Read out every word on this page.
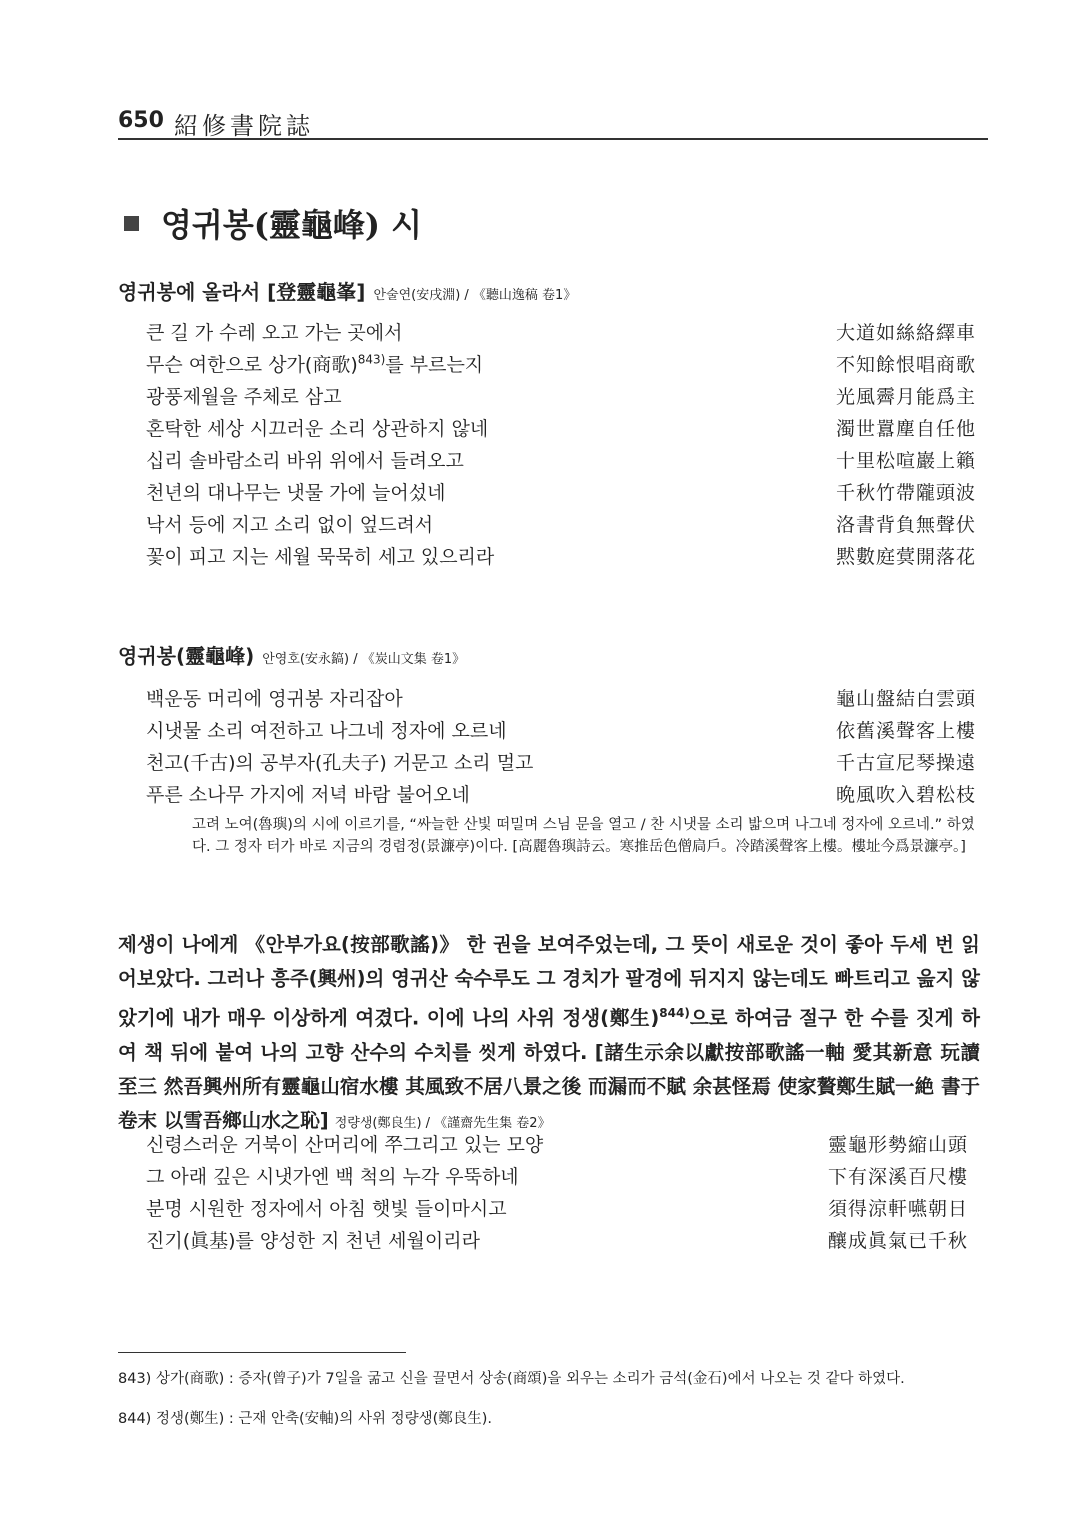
650 紹修書院誌
영귀봉(靈龜峰) 시
영귀봉에 올라서 [登靈龜峯] 안술연(安戌淵) / 《聽山逸稿 卷1》
큰 길 가 수레 오고 가는 곳에서	大道如絲絡繹車
무슨 여한으로 상가(商歌)$^{843)}$를 부르는지	不知餘恨唱商歌
광풍제월을 주체로 삼고	光風霽月能爲主
혼탁한 세상 시끄러운 소리 상관하지 않네	濁世囂塵自任他
십리 솔바람소리 바위 위에서 들려오고	十里松喧巖上籟
천년의 대나무는 냇물 가에 늘어섰네	千秋竹帶隴頭波
낙서 등에 지고 소리 없이 엎드려서	洛書背負無聲伏
꽃이 피고 지는 세월 묵묵히 세고 있으리라	黙數庭蓂開落花
영귀봉(靈龜峰) 안영호(安永鎬) / 《炭山文集 卷1》
백운동 머리에 영귀봉 자리잡아	龜山盤結白雲頭
시냇물 소리 여전하고 나그네 정자에 오르네	依舊溪聲客上樓
천고(千古)의 공부자(孔夫子) 거문고 소리 멀고	千古宣尼琴操遠
푸른 소나무 가지에 저녁 바람 불어오네	晩風吹入碧松枝
고려 노여(魯璵)의 시에 이르기를, “싸늘한 산빛 떠밀며 스님 문을 열고 / 찬 시냇물 소리 밟으며 나그네 정자에 오르네.” 하였다. 그 정자 터가 바로 지금의 경렴정(景濂亭)이다. [高麗魯璵詩云。寒推岳色僧扃戶。冷踏溪聲客上樓。樓址今爲景濂亭。]
제생이 나에게 《안부가요(按部歌謠)》 한 권을 보여주었는데, 그 뜻이 새로운 것이 좋아 두세 번 읽어보았다. 그러나 흥주(興州)의 영귀산 숙수루도 그 경치가 팔경에 뒤지지 않는데도 빠트리고 읊지 않았기에 내가 매우 이상하게 여겼다. 이에 나의 사위 정생(鄭生)$^{844)}$으로 하여금 절구 한 수를 짓게 하여 책 뒤에 붙여 나의 고향 산수의 수치를 씻게 하였다. [諸生示余以獻按部歌謠一軸 愛其新意 玩讀至三 然吾興州所有靈龜山宿水樓 其風致不居八景之後 而漏而不賦 余甚怪焉 使家贅鄭生賦一絶 書于卷末 以雪吾鄉山水之恥] 정량생(鄭良生) / 《謹齋先生集 卷2》
신령스러운 거북이 산머리에 쭈그리고 있는 모양	靈龜形勢縮山頭
그 아래 깊은 시냇가엔 백 척의 누각 우뚝하네	下有深溪百尺樓
분명 시원한 정자에서 아침 햇빛 들이마시고	須得涼軒嚥朝日
진기(眞基)를 양성한 지 천년 세월이리라	釀成眞氣已千秋
843) 상가(商歌) : 증자(曾子)가 7일을 굶고 신을 끌면서 상송(商頌)을 외우는 소리가 금석(金石)에서 나오는 것 같다 하였다.
844) 정생(鄭生) : 근재 안축(安軸)의 사위 정량생(鄭良生).
